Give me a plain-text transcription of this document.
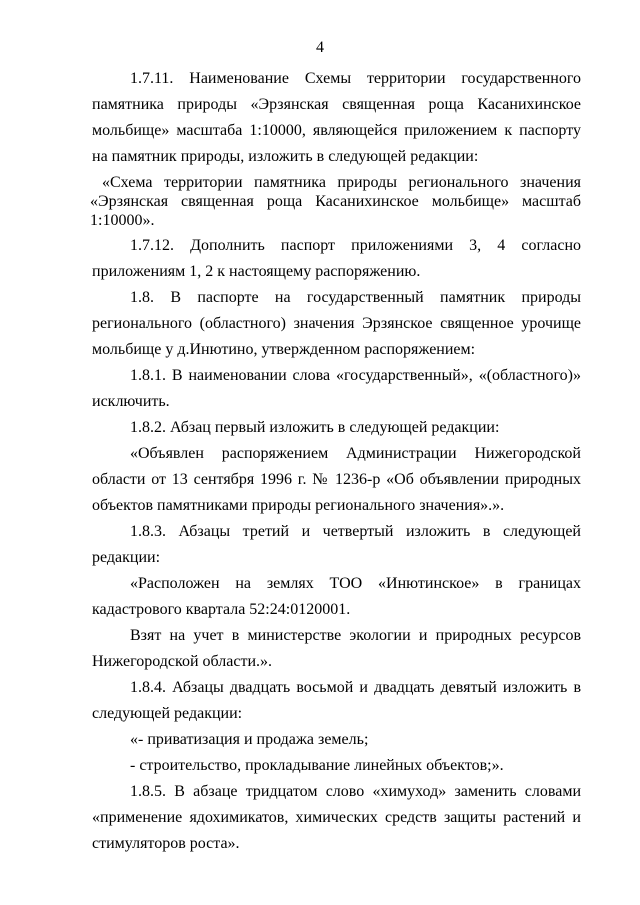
4

1.7.11. Наименование Схемы территории государственного памятника природы «Эрзянская священная роща Касанихинское мольбище» масштаба 1:10000, являющейся приложением к паспорту на памятник природы, изложить в следующей редакции:

«Схема территории памятника природы регионального значения «Эрзянская священная роща Касанихинское мольбище» масштаб 1:10000».

1.7.12. Дополнить паспорт приложениями 3, 4 согласно приложениям 1, 2 к настоящему распоряжению.

1.8. В паспорте на государственный памятник природы регионального (областного) значения Эрзянское священное урочище мольбище у д.Инютино, утвержденном распоряжением:

1.8.1. В наименовании слова «государственный», «(областного)» исключить.

1.8.2. Абзац первый изложить в следующей редакции:

«Объявлен распоряжением Администрации Нижегородской области от 13 сентября 1996 г. № 1236-р «Об объявлении природных объектов памятниками природы регионального значения».».

1.8.3. Абзацы третий и четвертый изложить в следующей редакции:

«Расположен на землях ТОО «Инютинское» в границах кадастрового квартала 52:24:0120001.

Взят на учет в министерстве экологии и природных ресурсов Нижегородской области.».

1.8.4. Абзацы двадцать восьмой и двадцать девятый изложить в следующей редакции:

«- приватизация и продажа земель;

- строительство, прокладывание линейных объектов;».

1.8.5. В абзаце тридцатом слово «химуход» заменить словами «применение ядохимикатов, химических средств защиты растений и стимуляторов роста».
